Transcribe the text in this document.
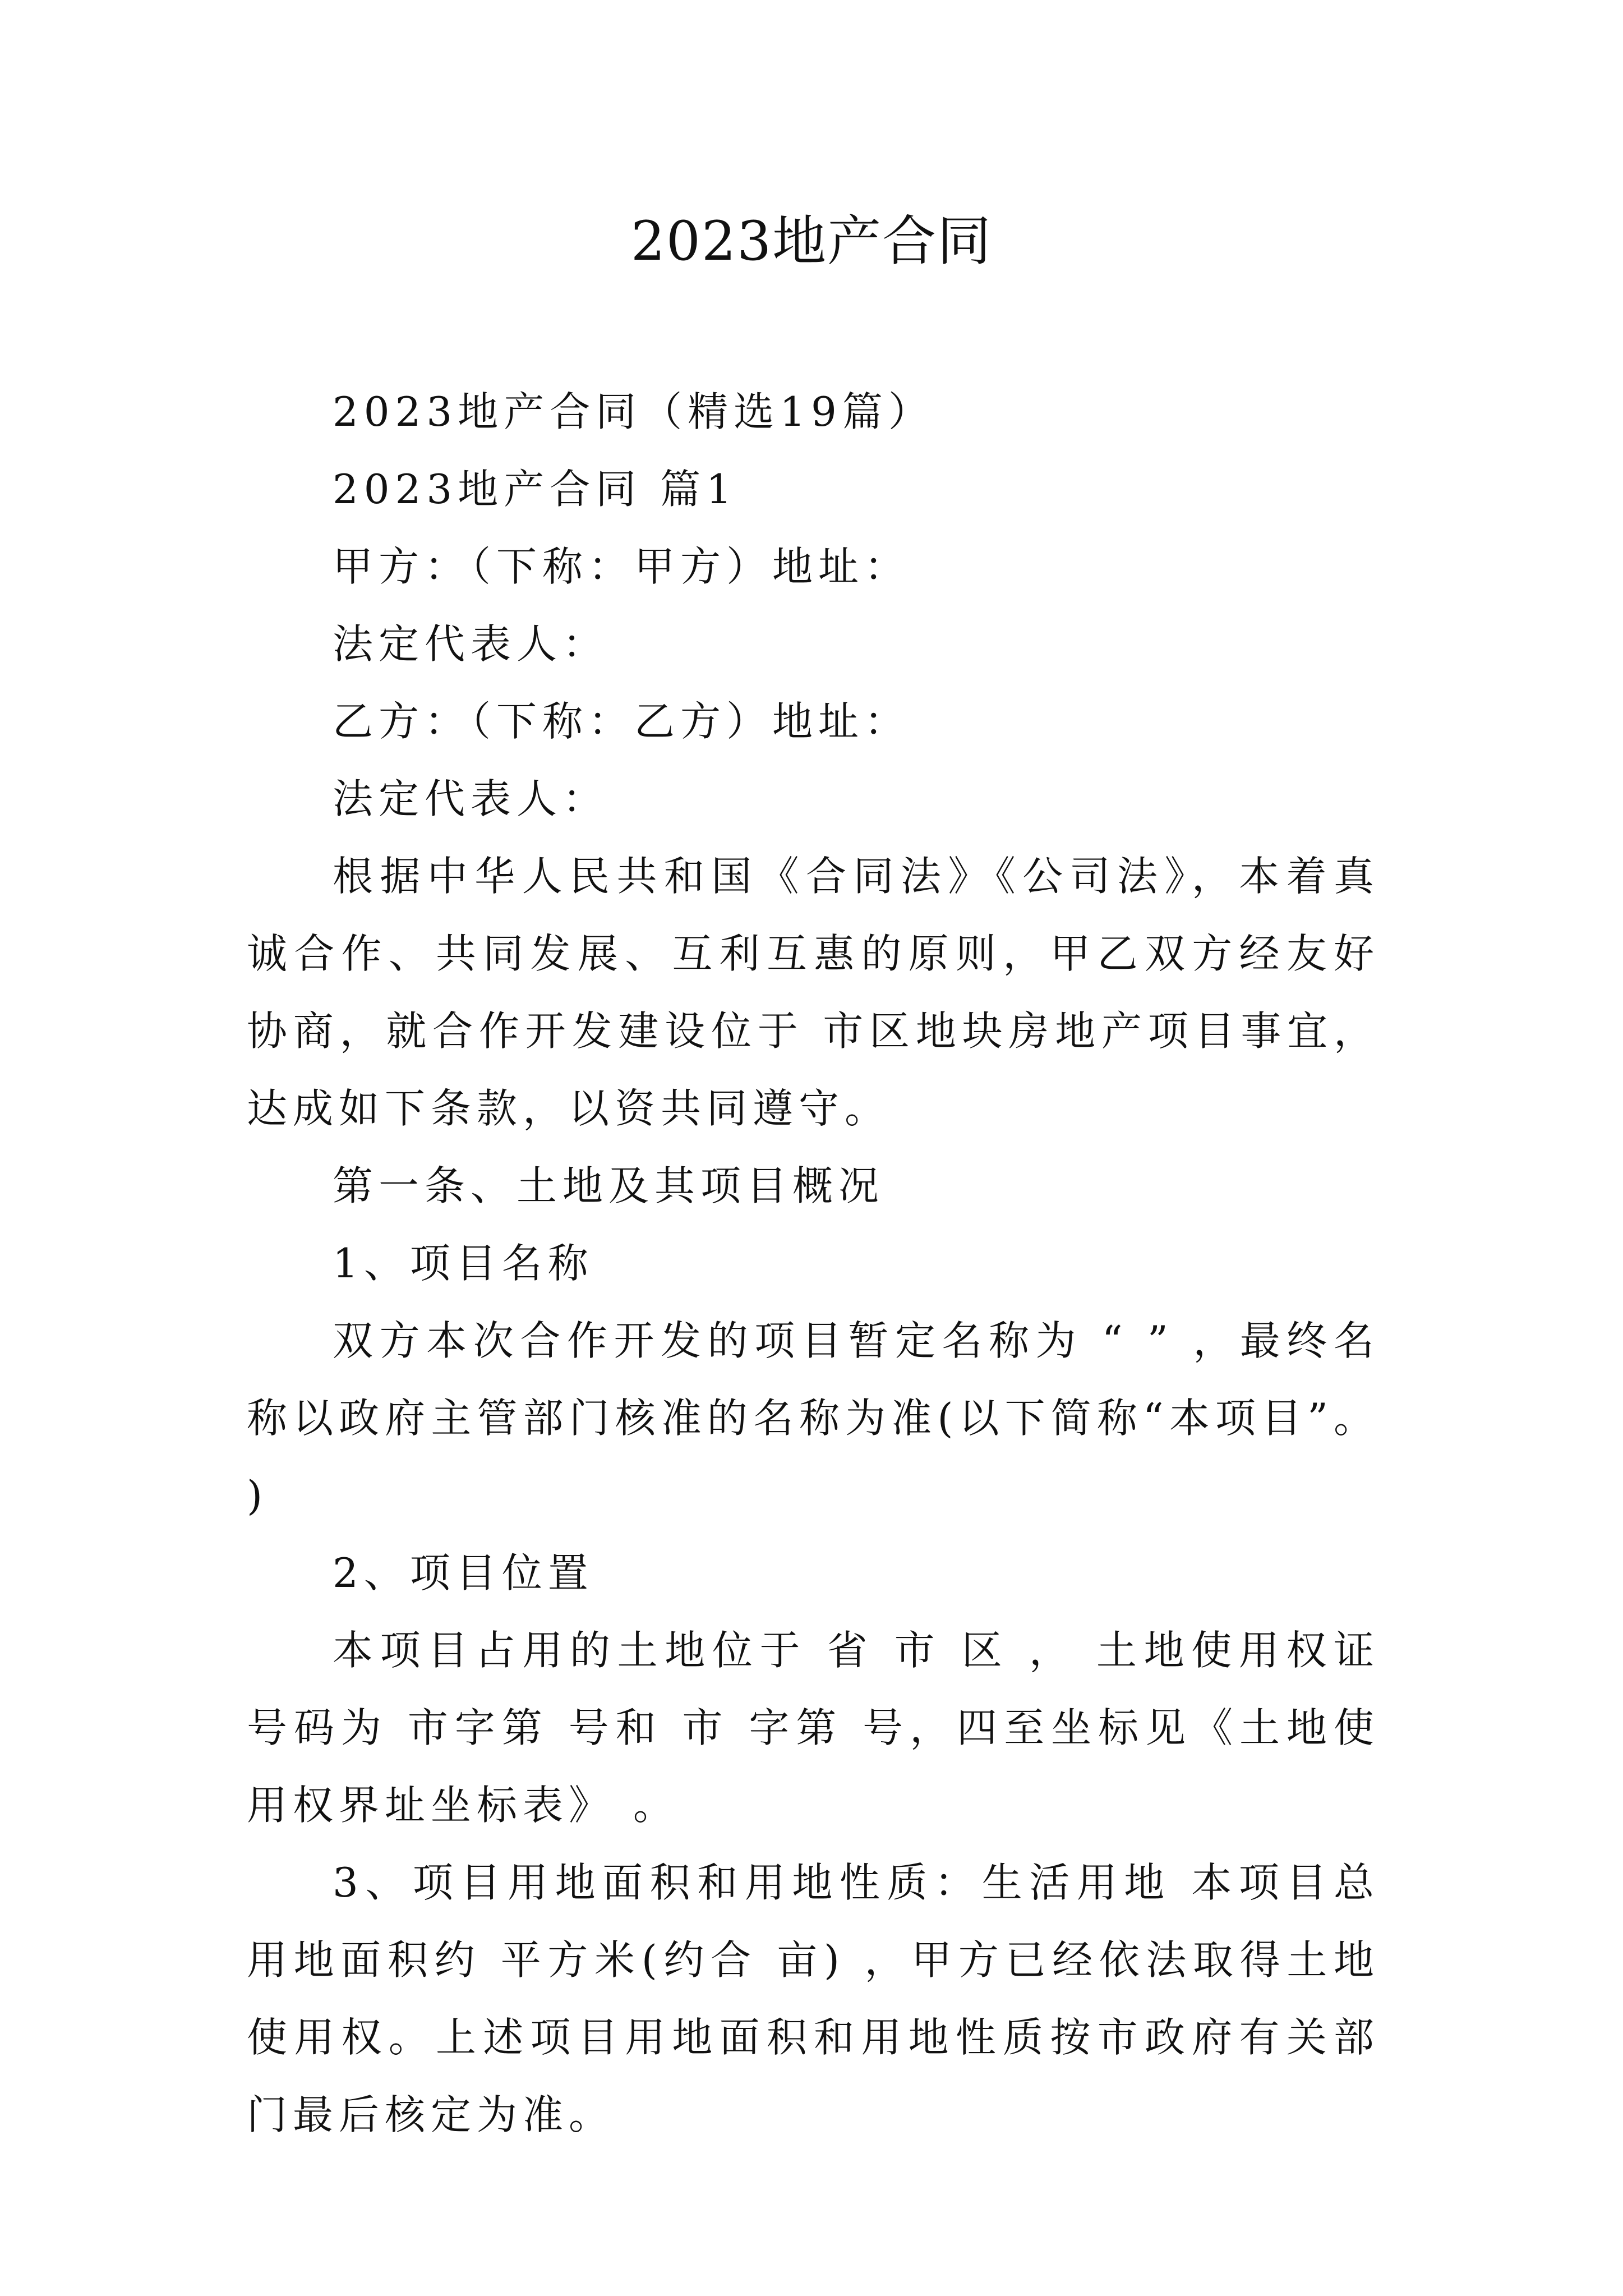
2023地产合同

2023地产合同（精选19篇）

2023地产合同 篇1

甲方：（下称：甲方）地址：

法定代表人：

乙方：（下称：乙方）地址：

法定代表人：

根据中华人民共和国《合同法》《公司法》，本着真诚合作、共同发展、互利互惠的原则，甲乙双方经友好协商，就合作开发建设位于 市区地块房地产项目事宜，达成如下条款，以资共同遵守。

第一条、土地及其项目概况

1、项目名称

双方本次合作开发的项目暂定名称为 “ ” ，最终名称以政府主管部门核准的名称为准(以下简称“本项目”。 )

2、项目位置

本项目占用的土地位于 省 市 区 ， 土地使用权证号码为 市字第 号和 市 字第 号，四至坐标见《土地使用权界址坐标表》 。

3、项目用地面积和用地性质：生活用地 本项目总用地面积约 平方米(约合 亩) ，甲方已经依法取得土地使用权。上述项目用地面积和用地性质按市政府有关部门最后核定为准。
